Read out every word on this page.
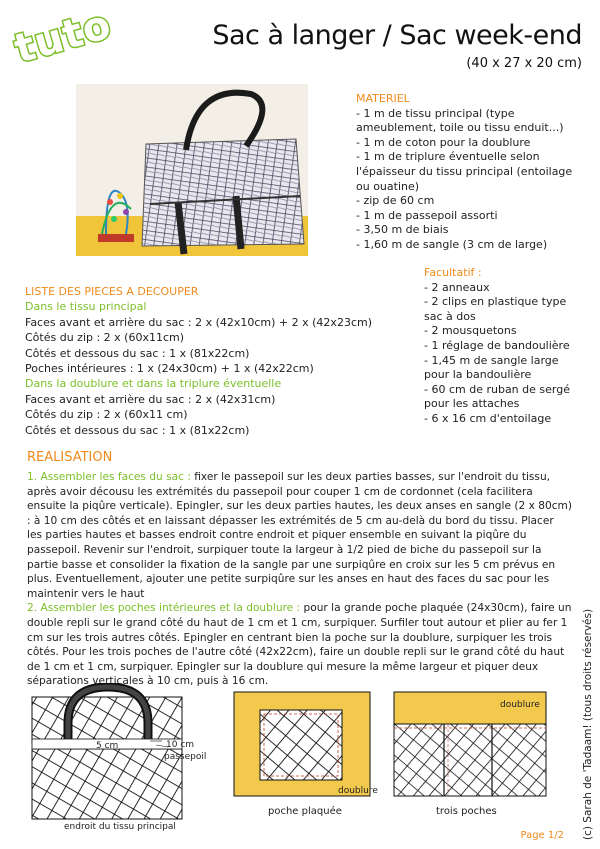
tuto	Sac à langer / Sac week-end
(40 x 27 x 20 cm)
MATERIEL
- 1 m de tissu principal (type ameublement, toile ou tissu enduit...)
- 1 m de coton pour la doublure
- 1 m de triplure éventuelle selon l'épaisseur du tissu principal (entoilage ou ouatine)
- zip de 60 cm
- 1 m de passepoil assorti
- 3,50 m de biais
- 1,60 m de sangle (3 cm de large)
Facultatif :
- 2 anneaux
- 2 clips en plastique type sac à dos
- 2 mousquetons
- 1 réglage de bandoulière
- 1,45 m de sangle large pour la bandoulière
- 60 cm de ruban de sergé pour les attaches
- 6 x 16 cm d'entoilage
LISTE DES PIECES A DECOUPER
Dans le tissu principal
Faces avant et arrière du sac : 2 x (42x10cm) + 2 x (42x23cm)
Côtés du zip : 2 x (60x11cm)
Côtés et dessous du sac : 1 x (81x22cm)
Poches intérieures : 1 x (24x30cm) + 1 x (42x22cm)
Dans la doublure et dans la triplure éventuelle
Faces avant et arrière du sac : 2 x (42x31cm)
Côtés du zip : 2 x (60x11 cm)
Côtés et dessous du sac : 1 x (81x22cm)
REALISATION
1. Assembler les faces du sac : fixer le passepoil sur les deux parties basses, sur l'endroit du tissu, après avoir décousu les extrémités du passepoil pour couper 1 cm de cordonnet (cela facilitera ensuite la piqûre verticale). Epingler, sur les deux parties hautes, les deux anses en sangle (2 x 80cm) : à 10 cm des côtés et en laissant dépasser les extrémités de 5 cm au-delà du bord du tissu. Placer les parties hautes et basses endroit contre endroit et piquer ensemble en suivant la piqûre du passepoil. Revenir sur l'endroit, surpiquer toute la largeur à 1/2 pied de biche du passepoil sur la partie basse et consolider la fixation de la sangle par une surpiqûre en croix sur les 5 cm prévus en plus. Eventuellement, ajouter une petite surpiqûre sur les anses en haut des faces du sac pour les maintenir vers le haut
2. Assembler les poches intérieures et la doublure : pour la grande poche plaquée (24x30cm), faire un double repli sur le grand côté du haut de 1 cm et 1 cm, surpiquer. Surfiler tout autour et plier au fer 1 cm sur les trois autres côtés. Epingler en centrant bien la poche sur la doublure, surpiquer les trois côtés. Pour les trois poches de l'autre côté (42x22cm), faire un double repli sur le grand côté du haut de 1 cm et 1 cm, surpiquer. Epingler sur la doublure qui mesure la même largeur et piquer deux séparations verticales à 10 cm, puis à 16 cm.
5 cm	10 cm
passepoil
endroit du tissu principal
doublure
poche plaquée
doublure
trois poches	(c) Sarah de 'Tadaam! (tous droits réservés)
Page 1/2
